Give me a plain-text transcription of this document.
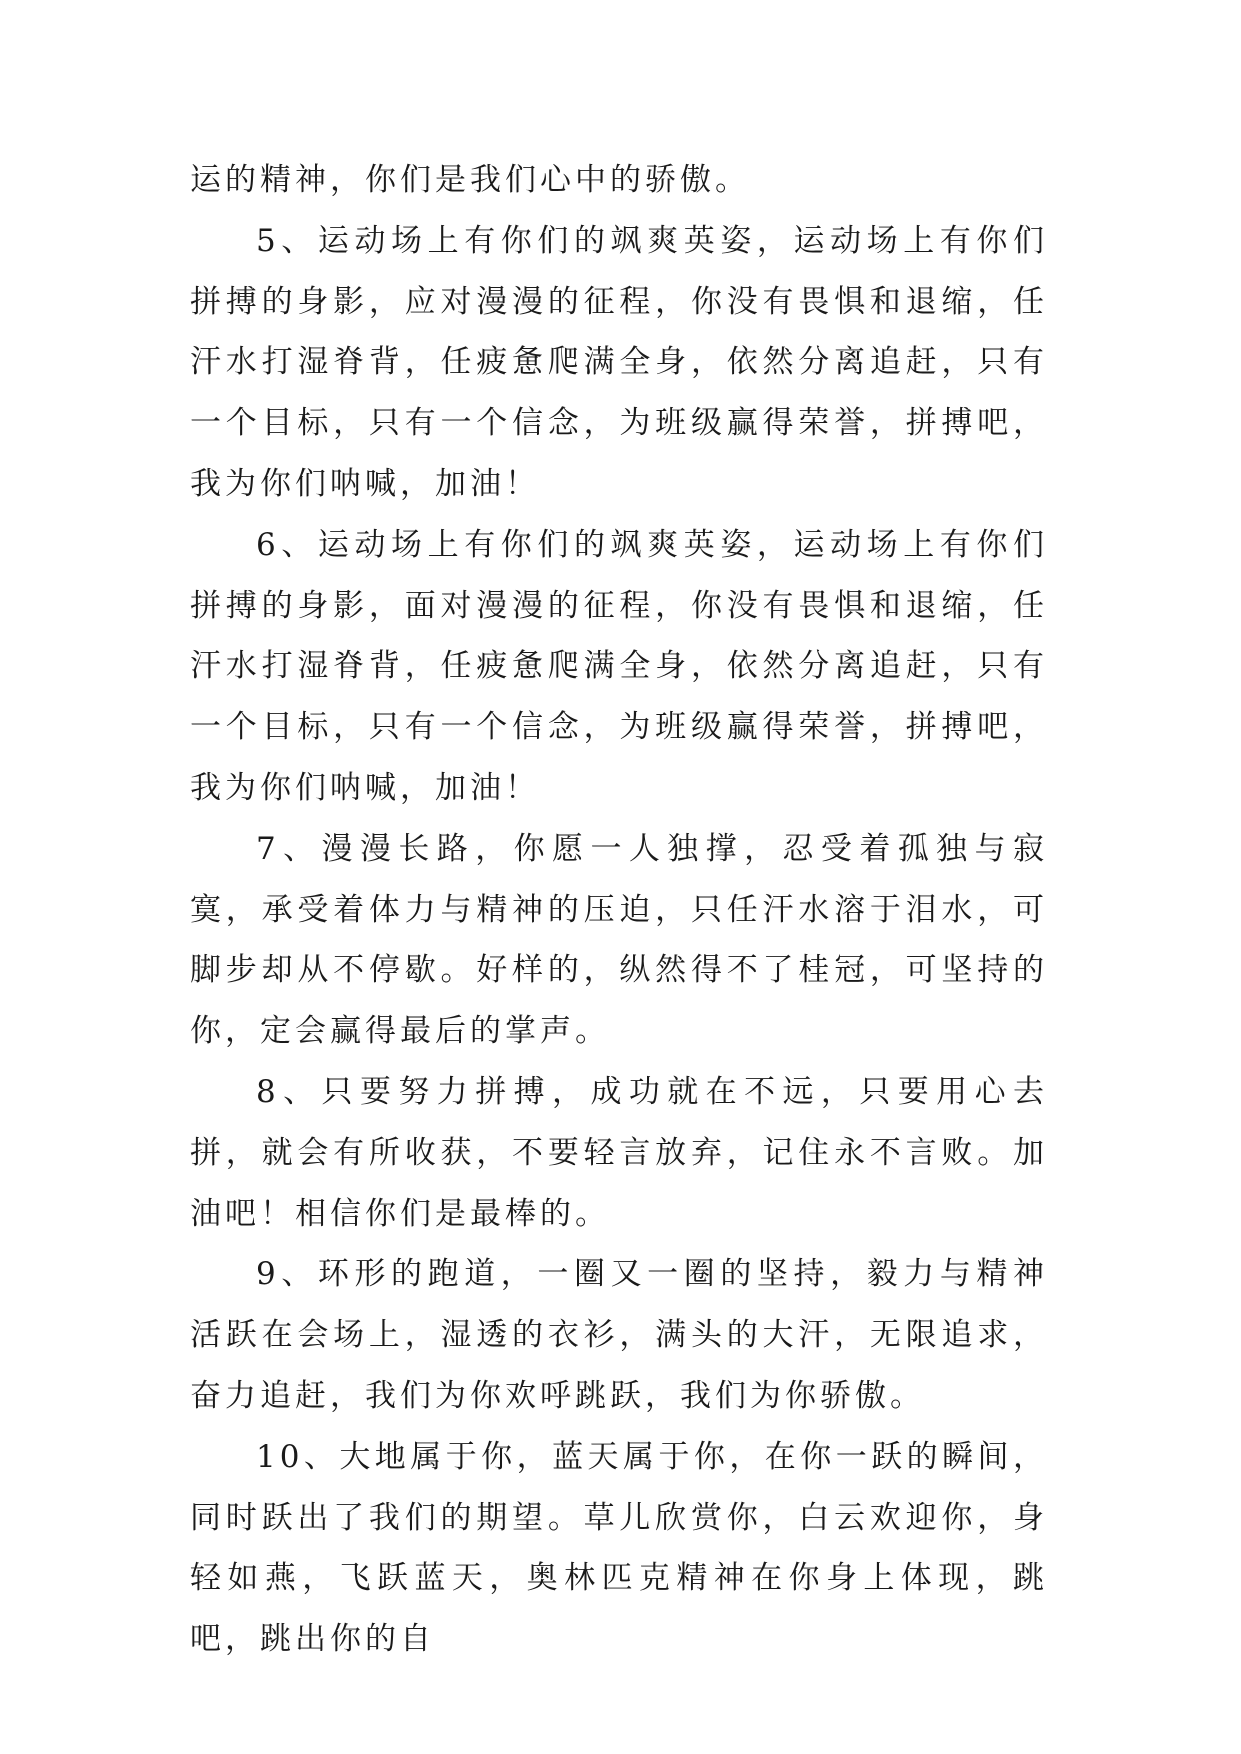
运的精神，你们是我们心中的骄傲。

5、运动场上有你们的飒爽英姿，运动场上有你们拼搏的身影，应对漫漫的征程，你没有畏惧和退缩，任汗水打湿脊背，任疲惫爬满全身，依然分离追赶，只有一个目标，只有一个信念，为班级赢得荣誉，拼搏吧，我为你们呐喊，加油！

6、运动场上有你们的飒爽英姿，运动场上有你们拼搏的身影，面对漫漫的征程，你没有畏惧和退缩，任汗水打湿脊背，任疲惫爬满全身，依然分离追赶，只有一个目标，只有一个信念，为班级赢得荣誉，拼搏吧，我为你们呐喊，加油！

7、漫漫长路，你愿一人独撑，忍受着孤独与寂寞，承受着体力与精神的压迫，只任汗水溶于泪水，可脚步却从不停歇。好样的，纵然得不了桂冠，可坚持的你，定会赢得最后的掌声。

8、只要努力拼搏，成功就在不远，只要用心去拼，就会有所收获，不要轻言放弃，记住永不言败。加油吧！相信你们是最棒的。

9、环形的跑道，一圈又一圈的坚持，毅力与精神活跃在会场上，湿透的衣衫，满头的大汗，无限追求，奋力追赶，我们为你欢呼跳跃，我们为你骄傲。

10、大地属于你，蓝天属于你，在你一跃的瞬间，同时跃出了我们的期望。草儿欣赏你，白云欢迎你，身轻如燕，飞跃蓝天，奥林匹克精神在你身上体现，跳吧，跳出你的自
